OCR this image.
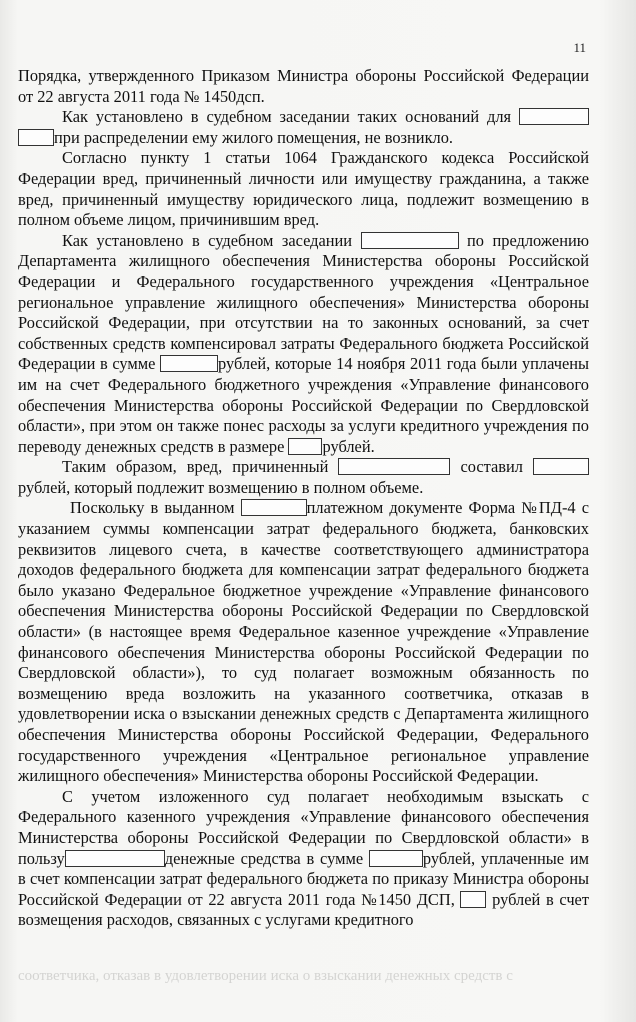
11

Порядка, утвержденного Приказом Министра обороны Российской Федерации от 22 августа 2011 года № 1450дсп.

Как установлено в судебном заседании таких оснований для  при распределении ему жилого помещения, не возникло.

Согласно пункту 1 статьи 1064 Гражданского кодекса Российской Федерации вред, причиненный личности или имуществу гражданина, а также вред, причиненный имуществу юридического лица, подлежит возмещению в полном объеме лицом, причинившим вред.

Как установлено в судебном заседании	по предложению Департамента жилищного обеспечения Министерства обороны Российской Федерации и Федерального государственного учреждения «Центральное региональное управление жилищного обеспечения» Министерства обороны Российской Федерации, при отсутствии на то законных оснований, за счет собственных средств компенсировал затраты Федерального бюджета Российской Федерации в сумме	рублей, которые 14 ноября 2011 года были уплачены им на счет Федерального бюджетного учреждения «Управление финансового обеспечения Министерства обороны Российской Федерации по Свердловской области», при этом он также понес расходы за услуги кредитного учреждения по переводу денежных средств в размере рублей.

Таким образом, вред, причиненный	составил  рублей, который подлежит возмещению в полном объеме.

Поскольку в выданном	платежном документе Форма №ПД-4 с указанием суммы компенсации затрат федерального бюджета, банковских реквизитов лицевого счета, в качестве соответствующего администратора доходов федерального бюджета для компенсации затрат федерального бюджета было указано Федеральное бюджетное учреждение «Управление финансового обеспечения Министерства обороны Российской Федерации по Свердловской области» (в настоящее время Федеральное казенное учреждение «Управление финансового обеспечения Министерства обороны Российской Федерации по Свердловской области»), то суд полагает возможным обязанность по возмещению вреда возложить на указанного соответчика, отказав в удовлетворении иска о взыскании денежных средств с Департамента жилищного обеспечения Министерства обороны Российской Федерации, Федерального государственного учреждения «Центральное региональное управление жилищного обеспечения» Министерства обороны Российской Федерации.

С учетом изложенного суд полагает необходимым взыскать с Федерального казенного учреждения «Управление финансового обеспечения Министерства обороны Российской Федерации по Свердловской области» в пользу	денежные средства в сумме	рублей, уплаченные им в счет компенсации затрат федерального бюджета по приказу Министра обороны Российской Федерации от 22 августа 2011 года №1450 ДСП,  рублей в счет возмещения расходов, связанных с услугами кредитного

соответчика, отказав в удовлетворении иска о взыскании денежных средств с
